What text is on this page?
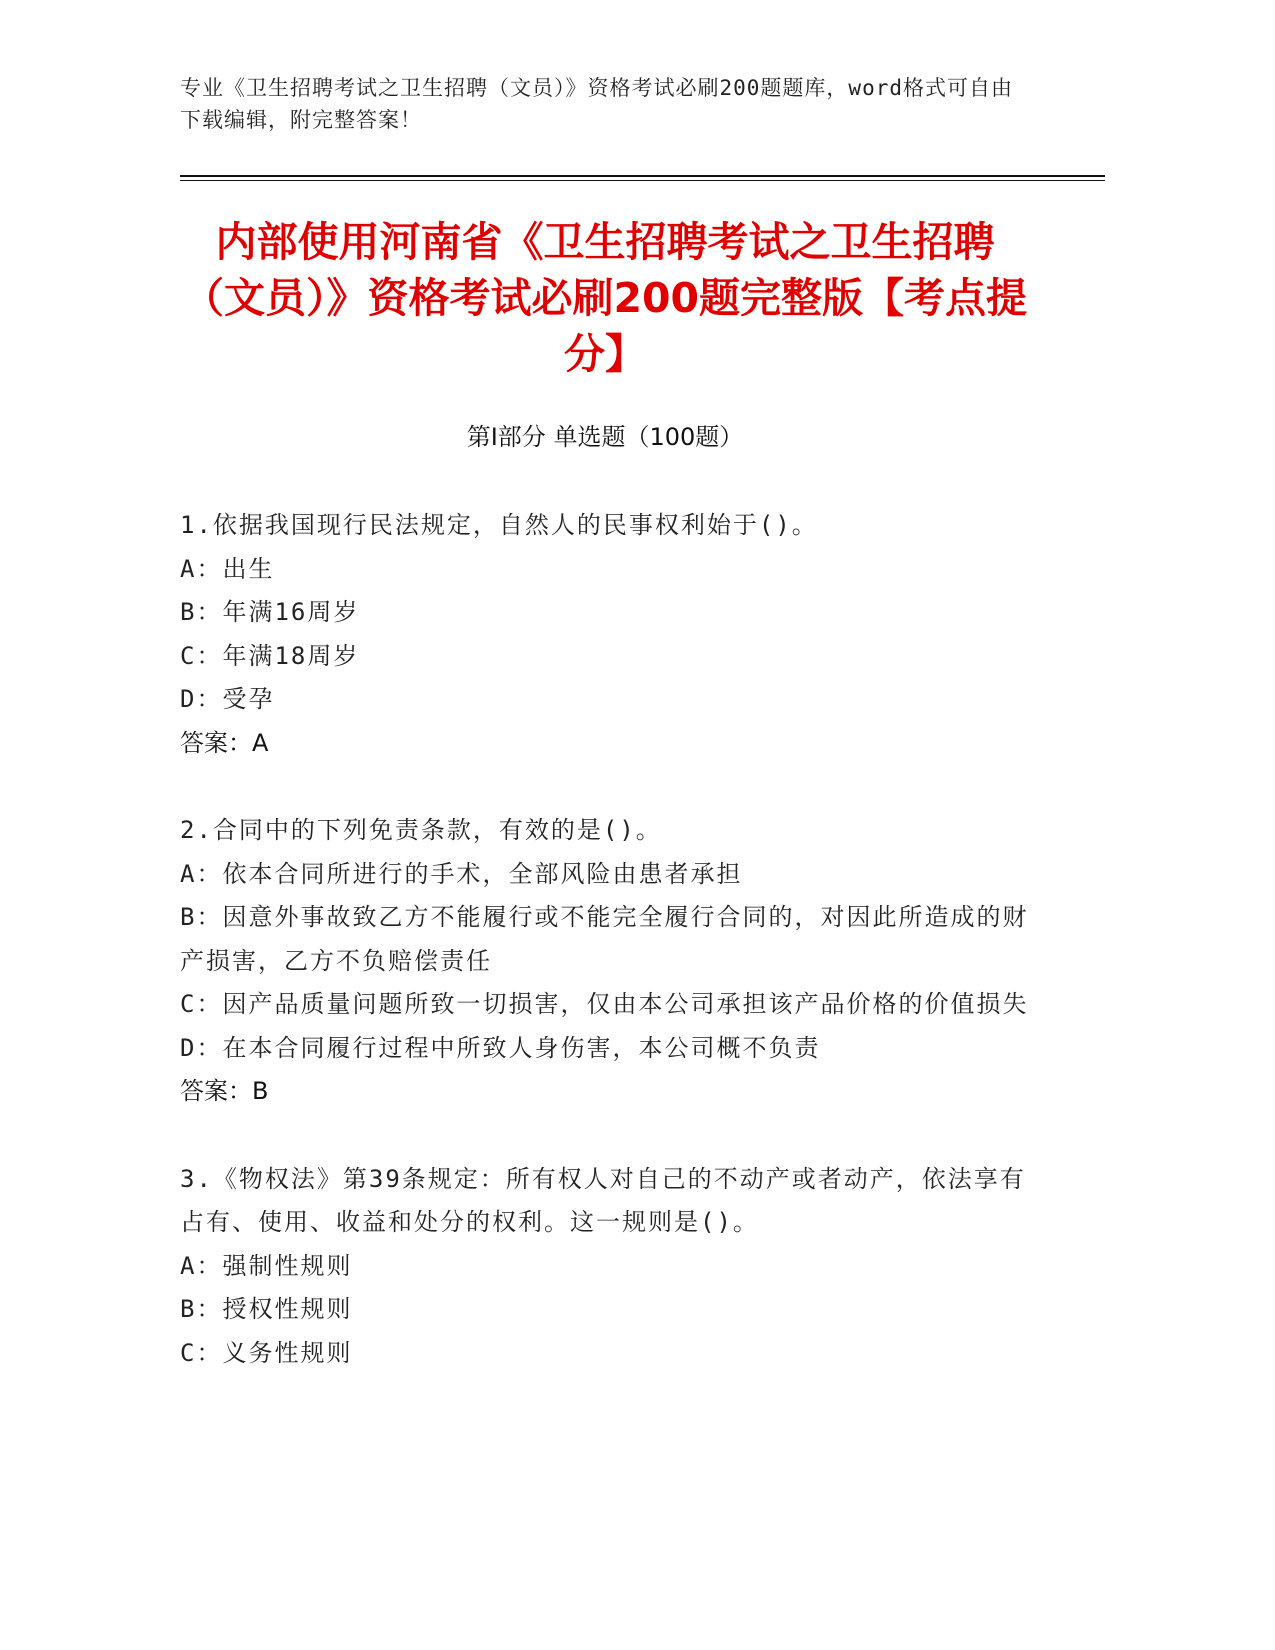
专业《卫生招聘考试之卫生招聘（文员）》资格考试必刷200题题库，word格式可自由下载编辑，附完整答案！
内部使用河南省《卫生招聘考试之卫生招聘（文员）》资格考试必刷200题完整版【考点提分】
第Ⅰ部分 单选题（100题）
1.依据我国现行民法规定，自然人的民事权利始于()。
A：出生
B：年满16周岁
C：年满18周岁
D：受孕
答案：A
2.合同中的下列免责条款，有效的是()。
A：依本合同所进行的手术，全部风险由患者承担
B：因意外事故致乙方不能履行或不能完全履行合同的，对因此所造成的财产损害，乙方不负赔偿责任
C：因产品质量问题所致一切损害，仅由本公司承担该产品价格的价值损失
D：在本合同履行过程中所致人身伤害，本公司概不负责
答案：B
3.《物权法》第39条规定：所有权人对自己的不动产或者动产，依法享有占有、使用、收益和处分的权利。这一规则是()。
A：强制性规则
B：授权性规则
C：义务性规则
